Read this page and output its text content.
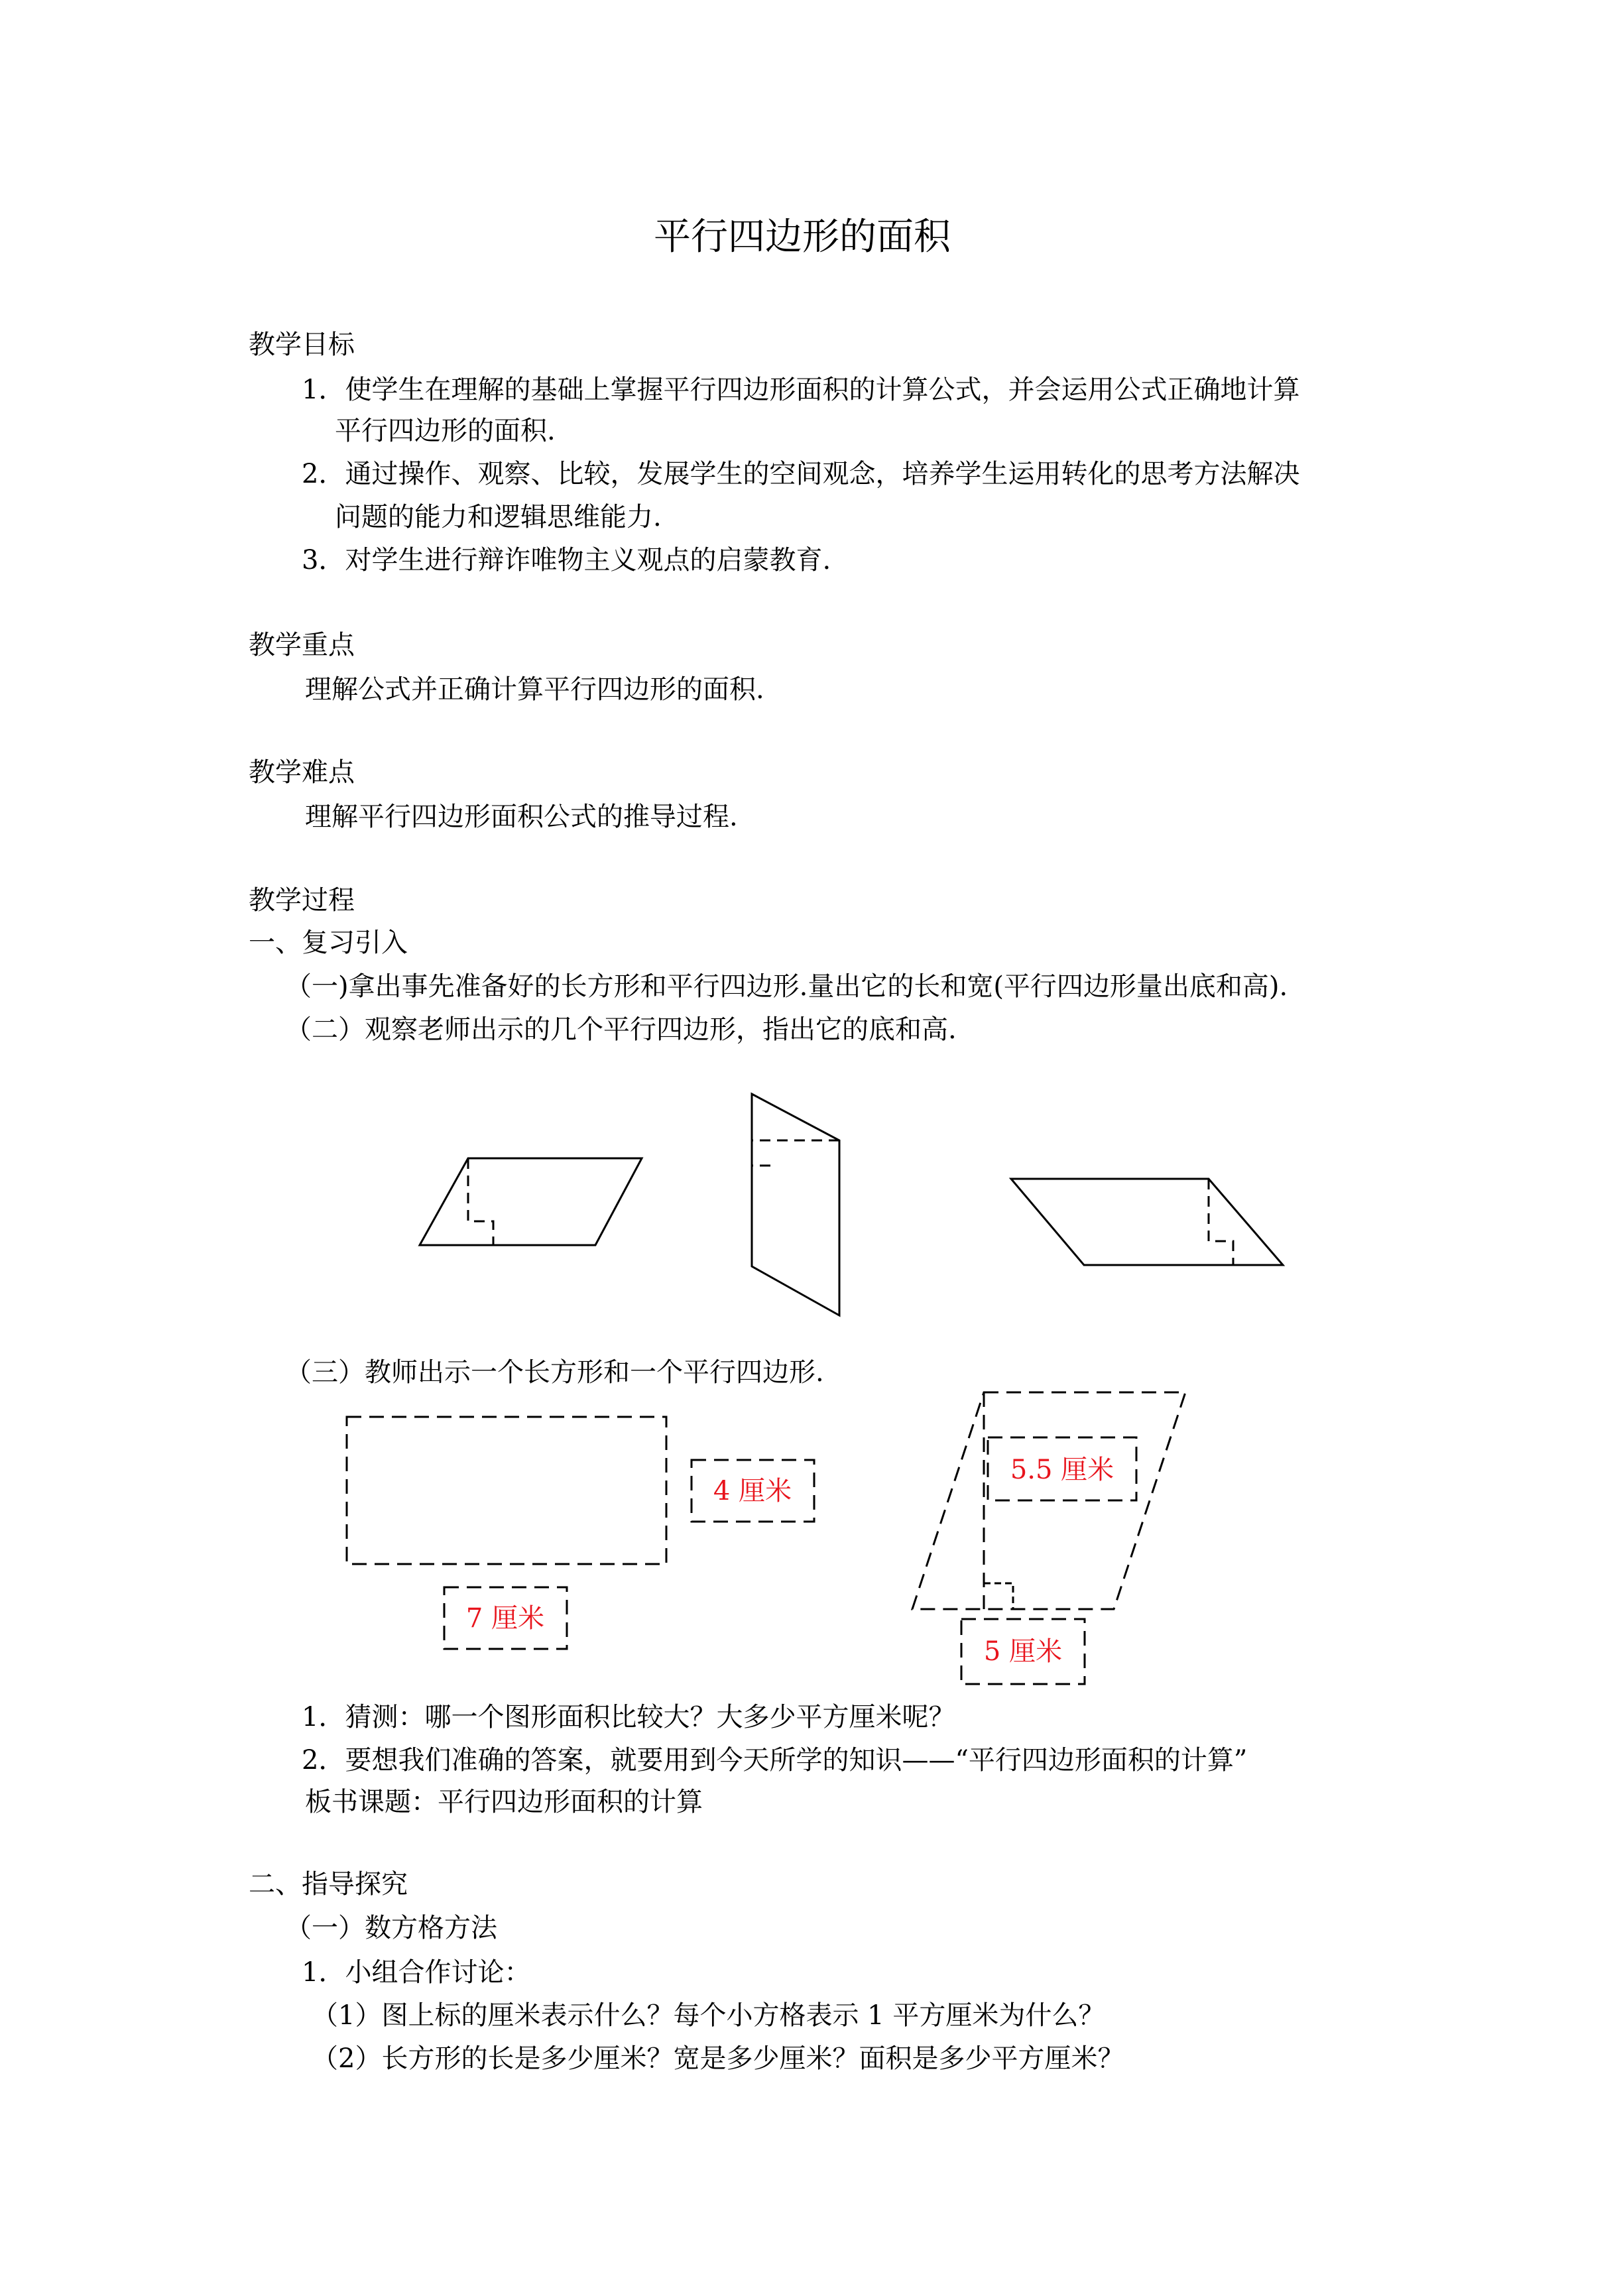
平行四边形的面积
教学目标
1．使学生在理解的基础上掌握平行四边形面积的计算公式，并会运用公式正确地计算
平行四边形的面积.
2．通过操作、观察、比较，发展学生的空间观念，培养学生运用转化的思考方法解决
问题的能力和逻辑思维能力.
3．对学生进行辩诈唯物主义观点的启蒙教育.
教学重点
理解公式并正确计算平行四边形的面积.
教学难点
理解平行四边形面积公式的推导过程.
教学过程
一、复习引入
（一)拿出事先准备好的长方形和平行四边形.量出它的长和宽(平行四边形量出底和高).
（二）观察老师出示的几个平行四边形，指出它的底和高.
（三）教师出示一个长方形和一个平行四边形.
4 厘米
7 厘米
5.5 厘米
5 厘米
1．猜测：哪一个图形面积比较大？大多少平方厘米呢？
2．要想我们准确的答案，就要用到今天所学的知识——“平行四边形面积的计算”
板书课题：平行四边形面积的计算
二、指导探究
（一）数方格方法
1．小组合作讨论：
（1）图上标的厘米表示什么？每个小方格表示 1 平方厘米为什么？
（2）长方形的长是多少厘米？宽是多少厘米？面积是多少平方厘米？
